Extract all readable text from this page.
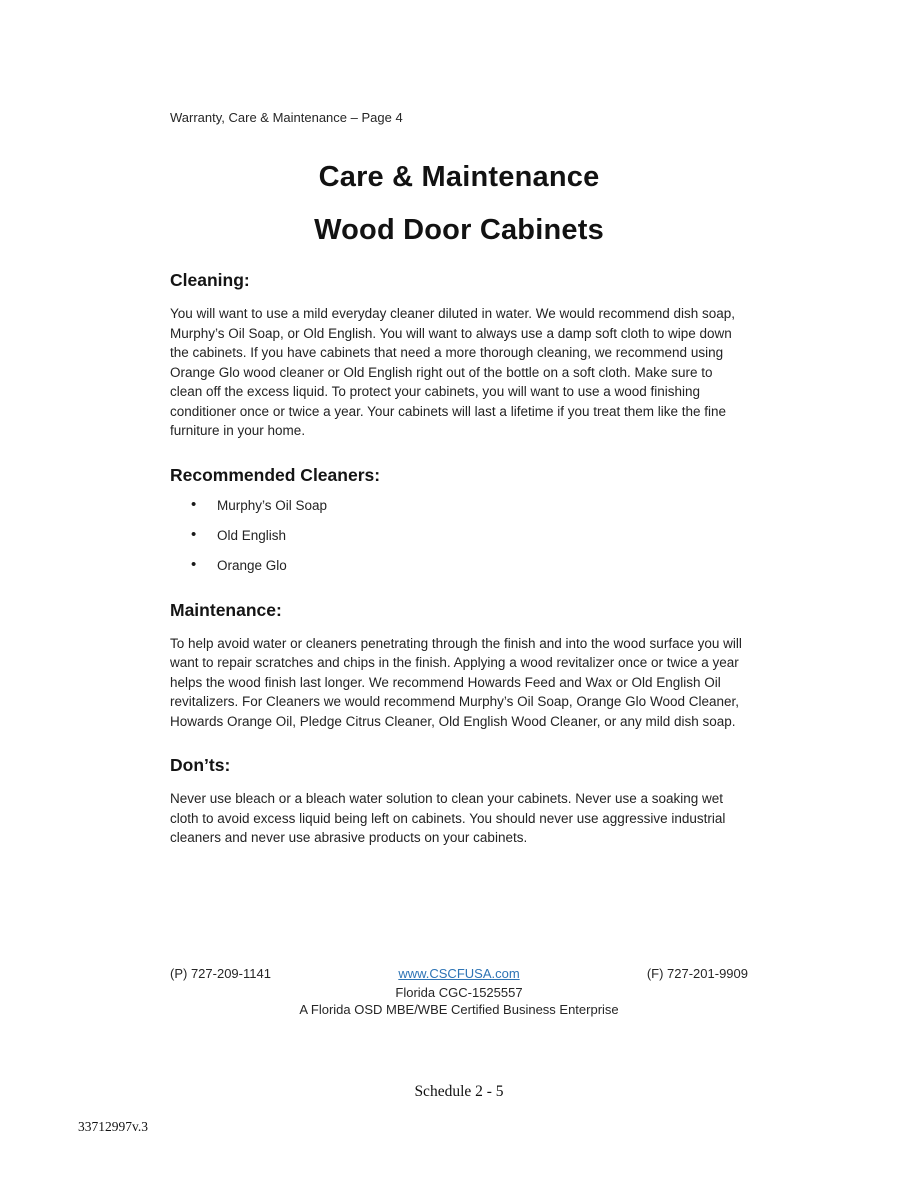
Warranty, Care & Maintenance – Page 4
Care & Maintenance
Wood Door Cabinets
Cleaning:
You will want to use a mild everyday cleaner diluted in water. We would recommend dish soap, Murphy’s Oil Soap, or Old English. You will want to always use a damp soft cloth to wipe down the cabinets. If you have cabinets that need a more thorough cleaning, we recommend using Orange Glo wood cleaner or Old English right out of the bottle on a soft cloth. Make sure to clean off the excess liquid. To protect your cabinets, you will want to use a wood finishing conditioner once or twice a year. Your cabinets will last a lifetime if you treat them like the fine furniture in your home.
Recommended Cleaners:
• Murphy’s Oil Soap
• Old English
• Orange Glo
Maintenance:
To help avoid water or cleaners penetrating through the finish and into the wood surface you will want to repair scratches and chips in the finish. Applying a wood revitalizer once or twice a year helps the wood finish last longer. We recommend Howards Feed and Wax or Old English Oil revitalizers. For Cleaners we would recommend Murphy’s Oil Soap, Orange Glo Wood Cleaner, Howards Orange Oil, Pledge Citrus Cleaner, Old English Wood Cleaner, or any mild dish soap.
Don’ts:
Never use bleach or a bleach water solution to clean your cabinets. Never use a soaking wet cloth to avoid excess liquid being left on cabinets. You should never use aggressive industrial cleaners and never use abrasive products on your cabinets.
(P) 727-209-1141	www.CSCFUSA.com	(F) 727-201-9909
Florida CGC-1525557
A Florida OSD MBE/WBE Certified Business Enterprise
Schedule 2 - 5
33712997v.3
